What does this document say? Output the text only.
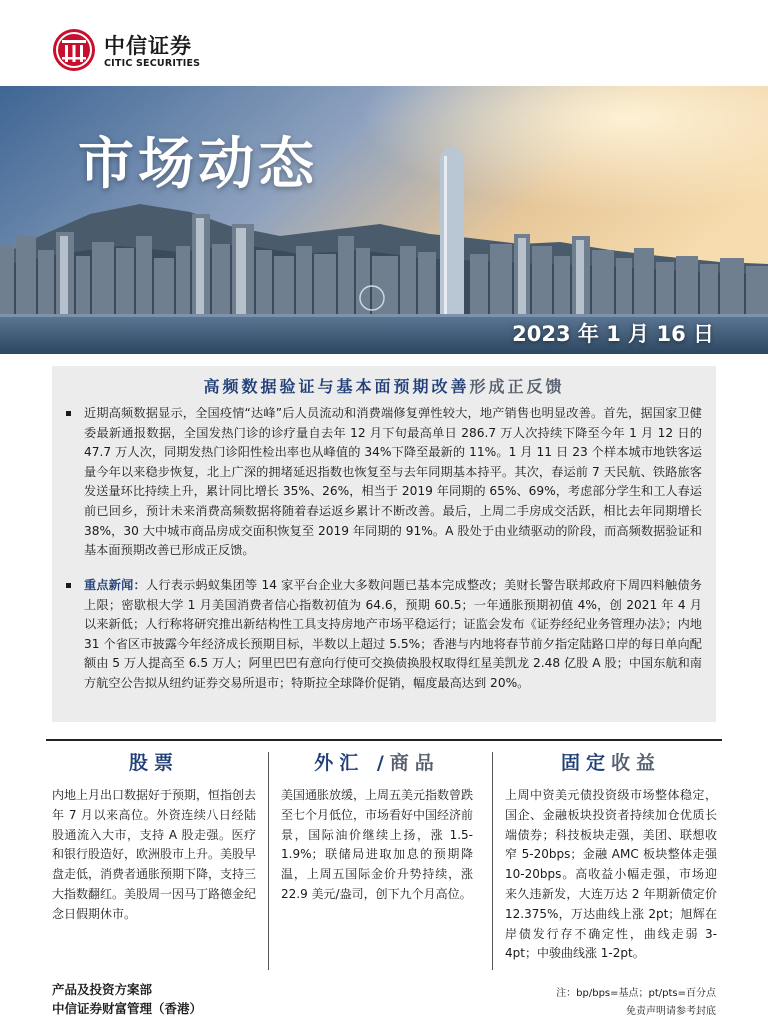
中信证券
CITIC SECURITIES
市场动态
2023 年 1 月 16 日
高频数据验证与基本面预期改善形成正反馈
近期高频数据显示，全国疫情“达峰”后人员流动和消费端修复弹性较大，地产销售也明显改善。首先，据国家卫健委最新通报数据，全国发热门诊的诊疗量自去年 12 月下旬最高单日 286.7 万人次持续下降至今年 1 月 12 日的 47.7 万人次，同期发热门诊阳性检出率也从峰值的 34%下降至最新的 11%。1 月 11 日 23 个样本城市地铁客运量今年以来稳步恢复，北上广深的拥堵延迟指数也恢复至与去年同期基本持平。其次，春运前 7 天民航、铁路旅客发送量环比持续上升，累计同比增长 35%、26%，相当于 2019 年同期的 65%、69%，考虑部分学生和工人春运前已回乡，预计未来消费高频数据将随着春运返乡累计不断改善。最后，上周二手房成交活跃，相比去年同期增长 38%，30 大中城市商品房成交面积恢复至 2019 年同期的 91%。A 股处于由业绩驱动的阶段，而高频数据验证和基本面预期改善已形成正反馈。
重点新闻：人行表示蚂蚁集团等 14 家平台企业大多数问题已基本完成整改；美财长警告联邦政府下周四料触债务上限；密歇根大学 1 月美国消费者信心指数初值为 64.6，预期 60.5；一年通胀预期初值 4%，创 2021 年 4 月以来新低；人行称将研究推出新结构性工具支持房地产市场平稳运行；证监会发布《证券经纪业务管理办法》；内地 31 个省区市披露今年经济成长预期目标，半数以上超过 5.5%；香港与内地将春节前夕指定陆路口岸的每日单向配额由 5 万人提高至 6.5 万人；阿里巴巴有意向行使可交换债换股权取得红星美凯龙 2.48 亿股 A 股；中国东航和南方航空公告拟从纽约证券交易所退市；特斯拉全球降价促销，幅度最高达到 20%。
股票
内地上月出口数据好于预期，恒指创去年 7 月以来高位。外资连续八日经陆股通流入大市，支持 A 股走强。医疗和银行股造好，欧洲股市上升。美股早盘走低，消费者通胀预期下降，支持三大指数翻红。美股周一因马丁路德金纪念日假期休市。
外汇 /商品
美国通胀放缓，上周五美元指数曾跌至七个月低位，市场看好中国经济前景，国际油价继续上扬，涨 1.5-1.9%；联储局进取加息的预期降温，上周五国际金价升势持续，涨 22.9 美元/盎司，创下九个月高位。
固定收益
上周中资美元债投资级市场整体稳定，国企、金融板块投资者持续加仓优质长端债券；科技板块走强，美团、联想收窄 5-20bps；金融 AMC 板块整体走强 10-20bps。高收益小幅走强，市场迎来久违新发，大连万达 2 年期新债定价 12.375%，万达曲线上涨 2pt；旭辉在岸债发行存不确定性，曲线走弱 3-4pt；中骏曲线涨 1-2pt。
产品及投资方案部
中信证券财富管理（香港）
注：bp/bps=基点；pt/pts=百分点
免责声明请参考封底
